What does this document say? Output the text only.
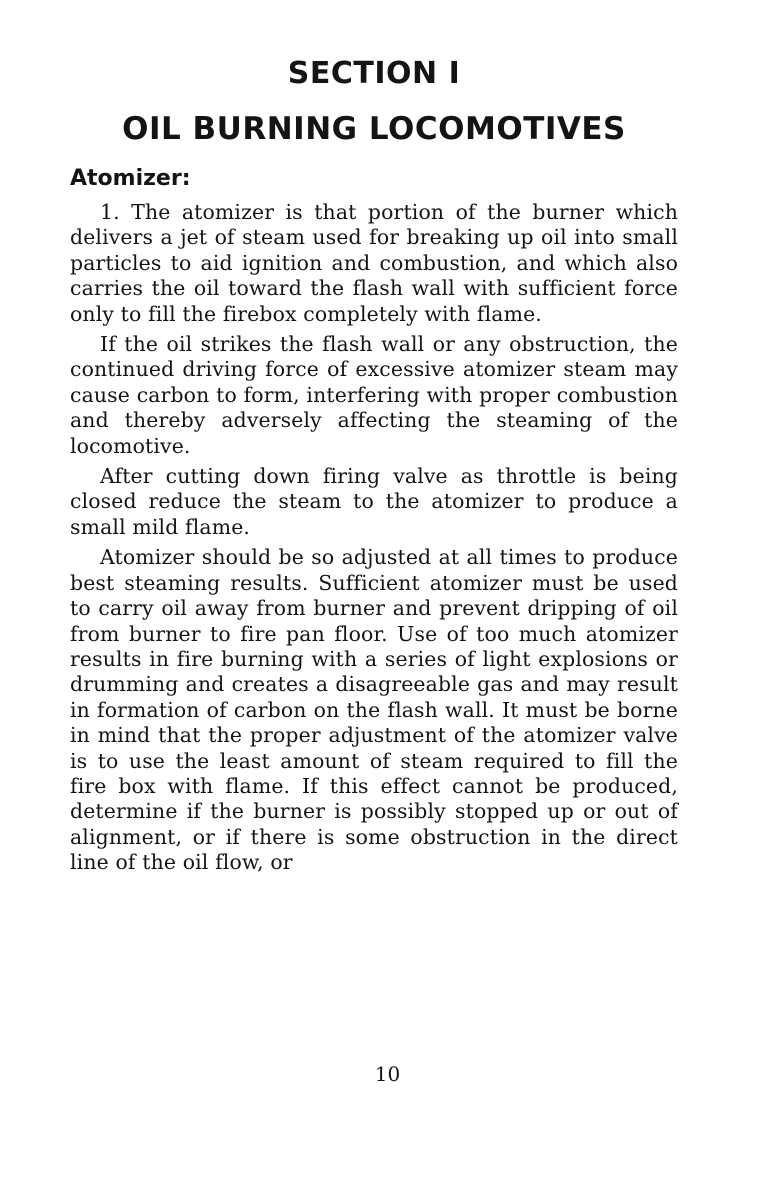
SECTION I
OIL BURNING LOCOMOTIVES
Atomizer:

1. The atomizer is that portion of the burner which delivers a jet of steam used for breaking up oil into small particles to aid ignition and combustion, and which also carries the oil toward the flash wall with sufficient force only to fill the firebox completely with flame.

If the oil strikes the flash wall or any obstruction, the continued driving force of excessive atomizer steam may cause carbon to form, interfering with proper combustion and thereby adversely affecting the steaming of the locomotive.

After cutting down firing valve as throttle is being closed reduce the steam to the atomizer to produce a small mild flame.

Atomizer should be so adjusted at all times to produce best steaming results. Sufficient atomizer must be used to carry oil away from burner and prevent dripping of oil from burner to fire pan floor. Use of too much atomizer results in fire burning with a series of light explosions or drumming and creates a disagreeable gas and may result in formation of carbon on the flash wall. It must be borne in mind that the proper adjustment of the atomizer valve is to use the least amount of steam required to fill the fire box with flame. If this effect cannot be produced, determine if the burner is possibly stopped up or out of alignment, or if there is some obstruction in the direct line of the oil flow, or

10
